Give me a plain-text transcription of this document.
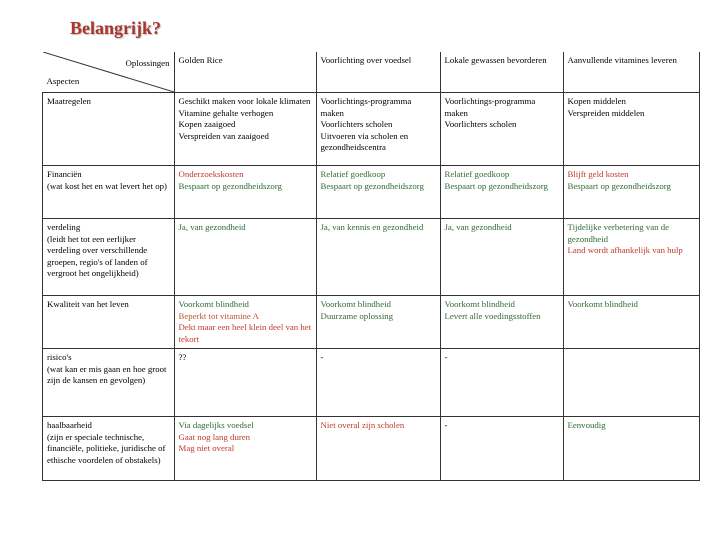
Belangrijk?
Oplossingen
Aspecten	Golden Rice	Voorlichting over voedsel	Lokale gewassen bevorderen	Aanvullende vitamines leveren

Maatregelen	Geschikt maken voor lokale klimaten
Vitamine gehalte verhogen
Kopen zaaigoed
Verspreiden van zaaigoed	Voorlichtings-programma maken
Voorlichters scholen
Uitvoeren via scholen en gezondheidscentra	Voorlichtings-programma maken
Voorlichters scholen	Kopen middelen
Verspreiden middelen

Financiën
(wat kost het en wat levert het op)	Onderzoekskosten
Bespaart op gezondheidszorg	Relatief goedkoop
Bespaart op gezondheidszorg	Relatief goedkoop
Bespaart op gezondheidszorg	Blijft geld kosten
Bespaart op gezondheidszorg

verdeling
(leidt het tot een eerlijker verdeling over verschillende groepen, regio's of landen of vergroot het ongelijkheid)	Ja, van gezondheid	Ja, van kennis en gezondheid	Ja, van gezondheid	Tijdelijke verbetering van de gezondheid
Land wordt afhankelijk van hulp

Kwaliteit van het leven	Voorkomt blindheid
Beperkt tot vitamine A
Dekt maar een heel klein deel van het tekort	Voorkomt blindheid
Duurzame oplossing	Voorkomt blindheid
Levert alle voedingsstoffen	Voorkomt blindheid

risico's
(wat kan er mis gaan en hoe groot zijn de kansen en gevolgen)	??	-	-	

haalbaarheid
(zijn er speciale technische, financiële, politieke, juridische of ethische voordelen of obstakels)	Via dagelijks voedsel
Gaat nog lang duren
Mag niet overal	Niet overal zijn scholen	-	Eenvoudig
